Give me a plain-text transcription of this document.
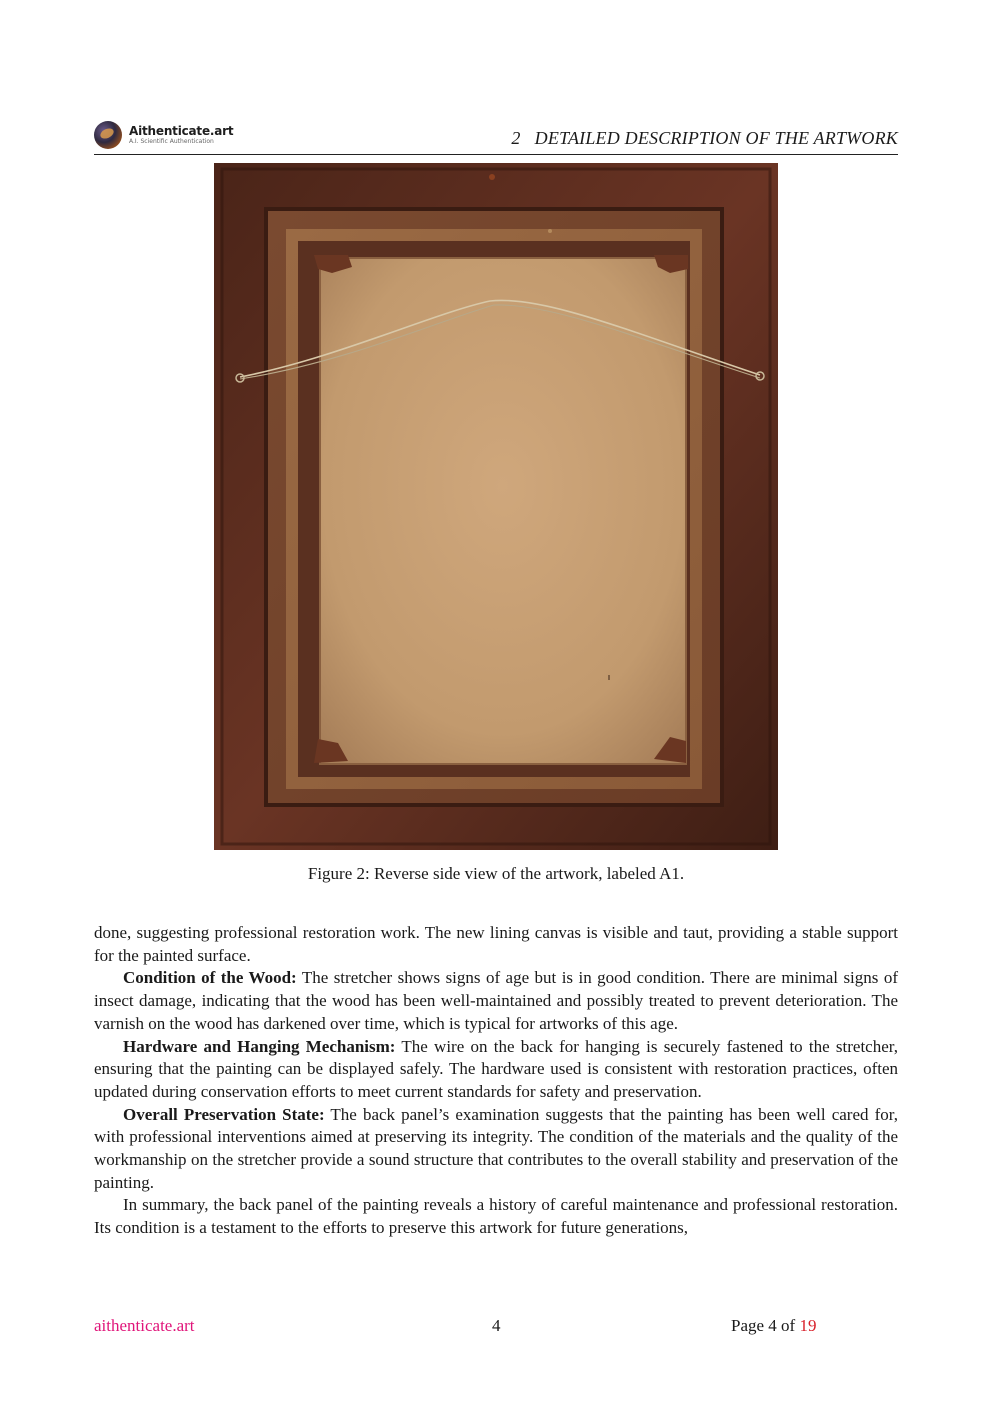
Aithenticate.art
A.I. Scientific Authentication	2 DETAILED DESCRIPTION OF THE ARTWORK
Figure 2: Reverse side view of the artwork, labeled A1.

done, suggesting professional restoration work. The new lining canvas is visible and taut, providing a stable support for the painted surface.

Condition of the Wood: The stretcher shows signs of age but is in good condition. There are minimal signs of insect damage, indicating that the wood has been well-maintained and possibly treated to prevent deterioration. The varnish on the wood has darkened over time, which is typical for artworks of this age.

Hardware and Hanging Mechanism: The wire on the back for hanging is securely fastened to the stretcher, ensuring that the painting can be displayed safely. The hardware used is consistent with restoration practices, often updated during conservation efforts to meet current standards for safety and preservation.

Overall Preservation State: The back panel’s examination suggests that the painting has been well cared for, with professional interventions aimed at preserving its integrity. The condition of the materials and the quality of the workmanship on the stretcher provide a sound structure that contributes to the overall stability and preservation of the painting.

In summary, the back panel of the painting reveals a history of careful maintenance and professional restoration. Its condition is a testament to the efforts to preserve this artwork for future generations,

aithenticate.art	4	Page 4 of 19
